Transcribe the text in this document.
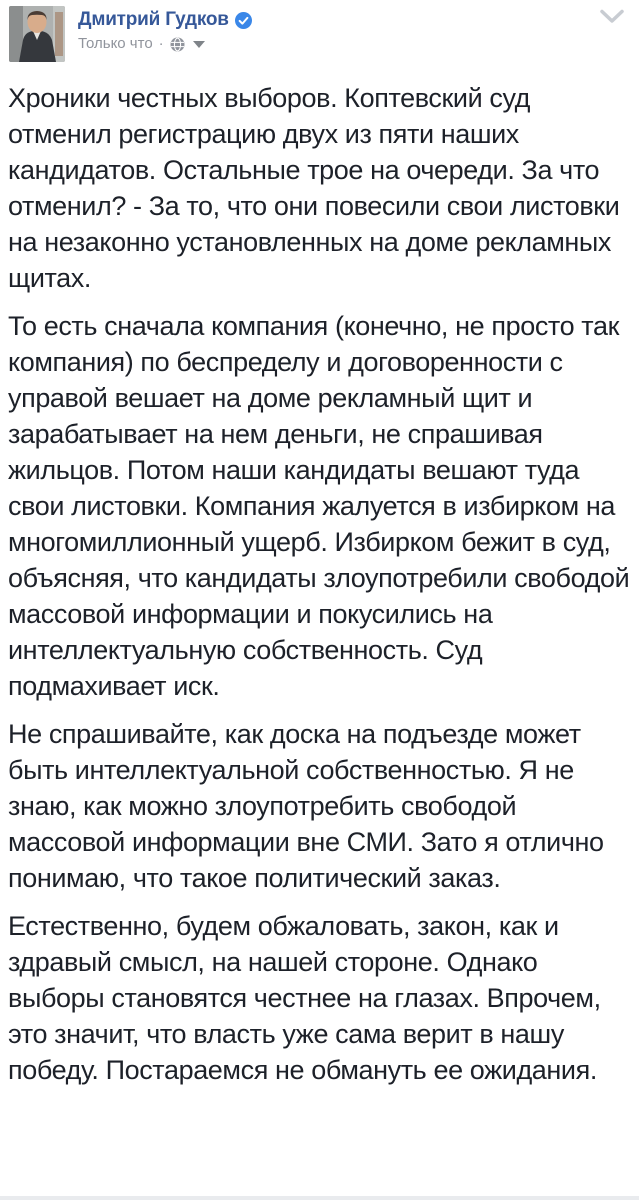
Дмитрий Гудков
Только что ·

Хроники честных выборов. Коптевский суд отменил регистрацию двух из пяти наших кандидатов. Остальные трое на очереди. За что отменил? - За то, что они повесили свои листовки на незаконно установленных на доме рекламных щитах.

То есть сначала компания (конечно, не просто так компания) по беспределу и договоренности с управой вешает на доме рекламный щит и зарабатывает на нем деньги, не спрашивая жильцов. Потом наши кандидаты вешают туда свои листовки. Компания жалуется в избирком на многомиллионный ущерб. Избирком бежит в суд, объясняя, что кандидаты злоупотребили свободой массовой информации и покусились на интеллектуальную собственность. Суд подмахивает иск.

Не спрашивайте, как доска на подъезде может быть интеллектуальной собственностью. Я не знаю, как можно злоупотребить свободой массовой информации вне СМИ. Зато я отлично понимаю, что такое политический заказ.

Естественно, будем обжаловать, закон, как и здравый смысл, на нашей стороне. Однако выборы становятся честнее на глазах. Впрочем, это значит, что власть уже сама верит в нашу победу. Постараемся не обмануть ее ожидания.
